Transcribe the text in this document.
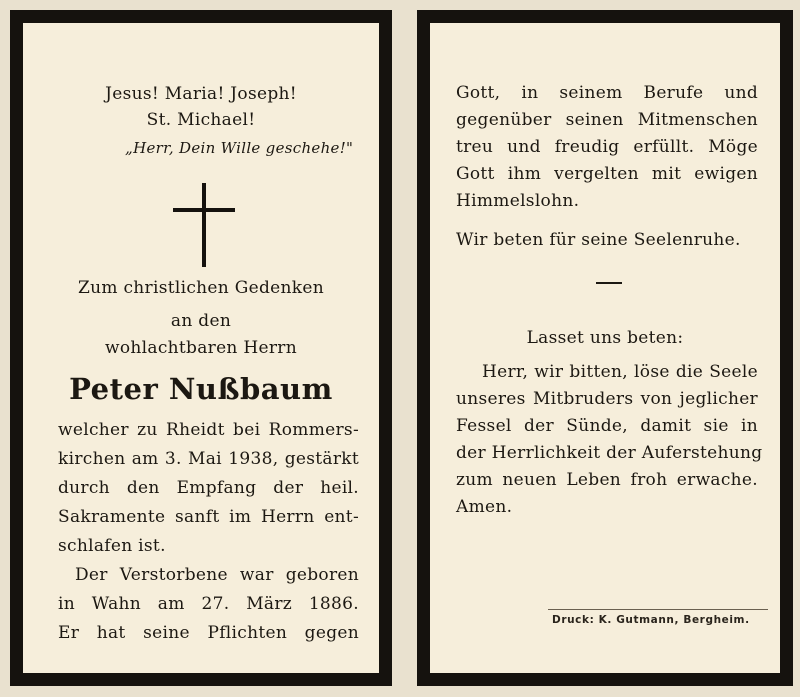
Jesus! Maria! Joseph!
St. Michael!
„Herr, Dein Wille geschehe!"
Zum christlichen Gedenken
an den
wohlachtbaren Herrn
Peter Nußbaum
welcher zu Rheidt bei Rommers-
kirchen am 3. Mai 1938, gestärkt
durch den Empfang der heil.
Sakramente sanft im Herrn ent-
schlafen ist.
Der Verstorbene war geboren
in Wahn am 27. März 1886.
Er hat seine Pflichten gegen
Gott, in seinem Berufe und
gegenüber seinen Mitmenschen
treu und freudig erfüllt. Möge
Gott ihm vergelten mit ewigen
Himmelslohn.
Wir beten für seine Seelenruhe.
Lasset uns beten:
Herr, wir bitten, löse die Seele
unseres Mitbruders von jeglicher
Fessel der Sünde, damit sie in
der Herrlichkeit der Auferstehung
zum neuen Leben froh erwache.
Amen.
Druck: K. Gutmann, Bergheim.
